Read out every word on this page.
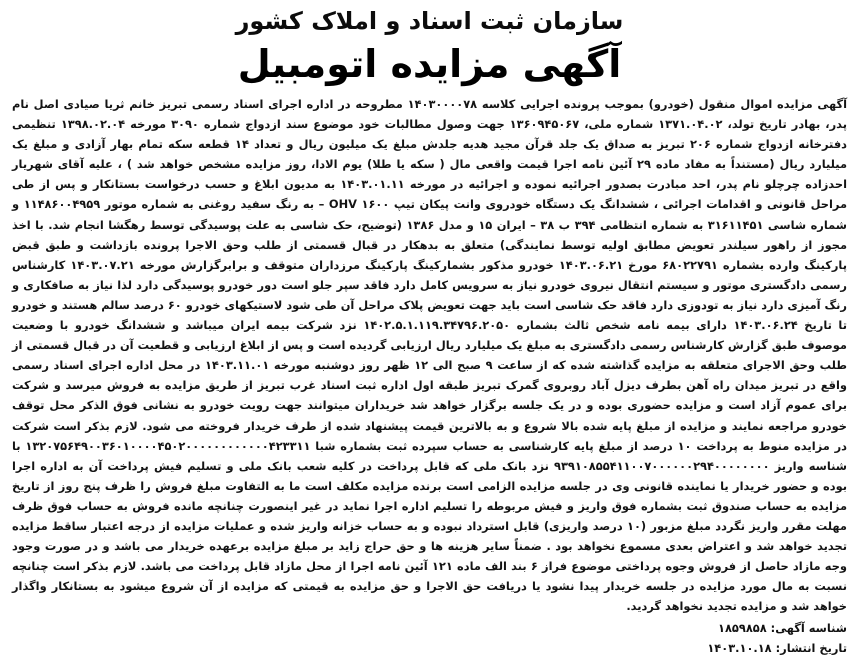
سازمان ثبت اسناد و املاک کشور
آگهی مزایده اتومبیل

آگهی مزایده اموال منقول (خودرو) بموجب پرونده اجرایی کلاسه ۱۴۰۳۰۰۰۰۷۸ مطروحه در اداره اجرای اسناد رسمی تبریز خانم ثریا صیادی اصل نام پدر، بهادر تاریخ تولد، ۱۳۷۱.۰۴.۰۲ شماره ملی، ۱۳۶۰۹۴۵۰۶۷ جهت وصول مطالبات خود موضوع سند ازدواج شماره ۳۰۹۰ مورخه ۱۳۹۸.۰۲.۰۴ تنظیمی دفترخانه ازدواج شماره ۲۰۶ تبریز به صداق یک جلد قرآن مجید هدیه جلدش مبلغ یک میلیون ریال و تعداد ۱۴ قطعه سکه تمام بهار آزادی و مبلغ یک میلیارد ریال (مستنداً به مفاد ماده ۲۹ آئین نامه اجرا قیمت واقعی مال ( سکه یا طلا) یوم الادا، روز مزایده مشخص خواهد شد ) ، علیه آقای شهریار احدزاده چرچلو نام پدر، احد مبادرت بصدور اجرائیه نموده و اجرائیه در مورخه ۱۴۰۳.۰۱.۱۱ به مدیون ابلاغ و حسب درخواست بستانکار و پس از طی مراحل قانونی و اقدامات اجرائی ، ششدانگ یک دستگاه خودروی وانت پیکان تیپ OHV ۱۶۰۰ – به رنگ سفید روغنی به شماره موتور ۱۱۴۸۶۰۰۴۹۵۹ و شماره شاسی ۳۱۶۱۱۴۵۱ به شماره انتظامی ۳۹۴ ب ۳۸ – ایران ۱۵ و مدل ۱۳۸۶ (توضیح، حک شاسی به علت پوسیدگی توسط رهگشا انجام شد. با اخذ مجوز از راهور سیلندر تعویض مطابق اولیه توسط نمایندگی) متعلق به بدهکار در قبال قسمتی از طلب وحق الاجرا پرونده بازداشت و طبق قبض پارکینگ وارده بشماره ۶۸۰۲۲۷۹۱ مورخ ۱۴۰۳.۰۶.۲۱ خودرو مذکور بشمارکینگ پارکینگ مرزداران متوقف و برابرگزارش مورخه ۱۴۰۳.۰۷.۲۱ کارشناس رسمی دادگستری موتور و سیستم انتقال نیروی خودرو نیاز به سرویس کامل دارد فاقد سپر جلو است دور خودرو پوسیدگی دارد لذا نیاز به صافکاری و رنگ آمیزی دارد نیاز به تودوزی دارد فاقد حک شاسی است باید جهت تعویض پلاک مراحل آن طی شود لاستیکهای خودرو ۶۰ درصد سالم هستند و خودرو تا تاریخ ۱۴۰۳.۰۶.۲۴ دارای بیمه نامه شخص ثالث بشماره ۱۴۰۲.۵.۱.۱۱۹.۳۴۷۹۶.۲۰۵۰ نزد شرکت بیمه ایران میباشد و ششدانگ خودرو با وضعیت موصوف طبق گزارش کارشناس رسمی دادگستری به مبلغ یک میلیارد ریال ارزیابی گردیده است و پس از ابلاغ ارزیابی و قطعیت آن در قبال قسمتی از طلب وحق الاجرای متعلقه به مزایده گذاشته شده که از ساعت ۹ صبح الی ۱۲ ظهر روز دوشنبه مورخه ۱۴۰۳.۱۱.۰۱ در محل اداره اجرای اسناد رسمی واقع در تبریز میدان راه آهن بطرف دیزل آباد روبروی گمرک تبریز طبقه اول اداره ثبت اسناد غرب تبریز از طریق مزایده به فروش میرسد و شرکت برای عموم آزاد است و مزایده حضوری بوده و در یک جلسه برگزار خواهد شد خریداران میتوانند جهت رویت خودرو به نشانی فوق الذکر محل توقف خودرو مراجعه نمایند و مزایده از مبلغ پایه شده بالا شروع و به بالاترین قیمت پیشنهاد شده از طرف خریدار فروخته می شود. لازم بذکر است شرکت در مزایده منوط به پرداخت ۱۰ درصد از مبلغ پایه کارشناسی به حساب سپرده ثبت بشماره شبا ۱۳۲۰۷۵۶۴۹۰۰۳۶۰۱۰۰۰۰۴۵۰۲۰۰۰۰۰۰۰۰۰۰۰۰۴۲۳۳۱۱ با شناسه واریز ۹۳۹۱۰۸۵۵۴۱۱۰۰۷۰۰۰۰۰۰۲۹۴۰۰۰۰۰۰۰۰ نزد بانک ملی که قابل پرداخت در کلیه شعب بانک ملی و تسلیم فیش پرداخت آن به اداره اجرا بوده و حضور خریدار یا نماینده قانونی وی در جلسه مزایده الزامی است برنده مزایده مکلف است ما به التفاوت مبلغ فروش را ظرف پنج روز از تاریخ مزایده به حساب صندوق ثبت بشماره فوق واریز و فیش مربوطه را تسلیم اداره اجرا نماید در غیر اینصورت چنانچه مانده فروش به حساب فوق ظرف مهلت مقرر واریز نگردد مبلغ مزبور (۱۰ درصد واریزی) قابل استرداد نبوده و به حساب خزانه واریز شده و عملیات مزایده از درجه اعتبار ساقط مزایده تجدید خواهد شد و اعتراض بعدی مسموع نخواهد بود . ضمناً سایر هزینه ها و حق حراج زاید بر مبلغ مزایده برعهده خریدار می باشد و در صورت وجود وجه مازاد حاصل از فروش وجوه پرداختی موضوع فراز ۶ بند الف ماده ۱۲۱ آئین نامه اجرا از محل مازاد قابل پرداخت می باشد. لازم بذکر است چنانچه نسبت به مال مورد مزایده در جلسه خریدار پیدا نشود یا دریافت حق الاجرا و حق مزایده به قیمتی که مزایده از آن شروع میشود به بستانکار واگذار خواهد شد و مزایده تجدید نخواهد گردید.

شناسه آگهی: ۱۸۵۹۸۵۸
تاریخ انتشار: ۱۴۰۳.۱۰.۱۸
